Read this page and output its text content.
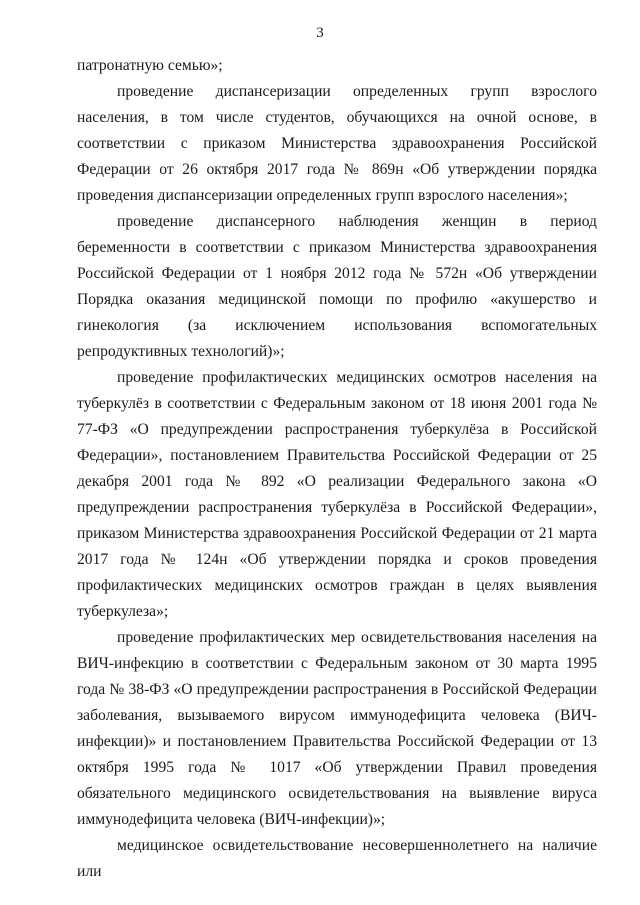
3

патронатную семью»;

проведение диспансеризации определенных групп взрослого населения, в том числе студентов, обучающихся на очной основе, в соответствии с приказом Министерства здравоохранения Российской Федерации от 26 октября 2017 года № 869н «Об утверждении порядка проведения диспансеризации определенных групп взрослого населения»;

проведение диспансерного наблюдения женщин в период беременности в соответствии с приказом Министерства здравоохранения Российской Федерации от 1 ноября 2012 года № 572н «Об утверждении Порядка оказания медицинской помощи по профилю «акушерство и гинекология (за исключением использования вспомогательных репродуктивных технологий)»;

проведение профилактических медицинских осмотров населения на туберкулёз в соответствии с Федеральным законом от 18 июня 2001 года № 77-ФЗ «О предупреждении распространения туберкулёза в Российской Федерации», постановлением Правительства Российской Федерации от 25 декабря 2001 года № 892 «О реализации Федерального закона «О предупреждении распространения туберкулёза в Российской Федерации», приказом Министерства здравоохранения Российской Федерации от 21 марта 2017 года № 124н «Об утверждении порядка и сроков проведения профилактических медицинских осмотров граждан в целях выявления туберкулеза»;

проведение профилактических мер освидетельствования населения на ВИЧ-инфекцию в соответствии с Федеральным законом от 30 марта 1995 года № 38-ФЗ «О предупреждении распространения в Российской Федерации заболевания, вызываемого вирусом иммунодефицита человека (ВИЧ-инфекции)» и постановлением Правительства Российской Федерации от 13 октября 1995 года № 1017 «Об утверждении Правил проведения обязательного медицинского освидетельствования на выявление вируса иммунодефицита человека (ВИЧ-инфекции)»;

медицинское освидетельствование несовершеннолетнего на наличие или
